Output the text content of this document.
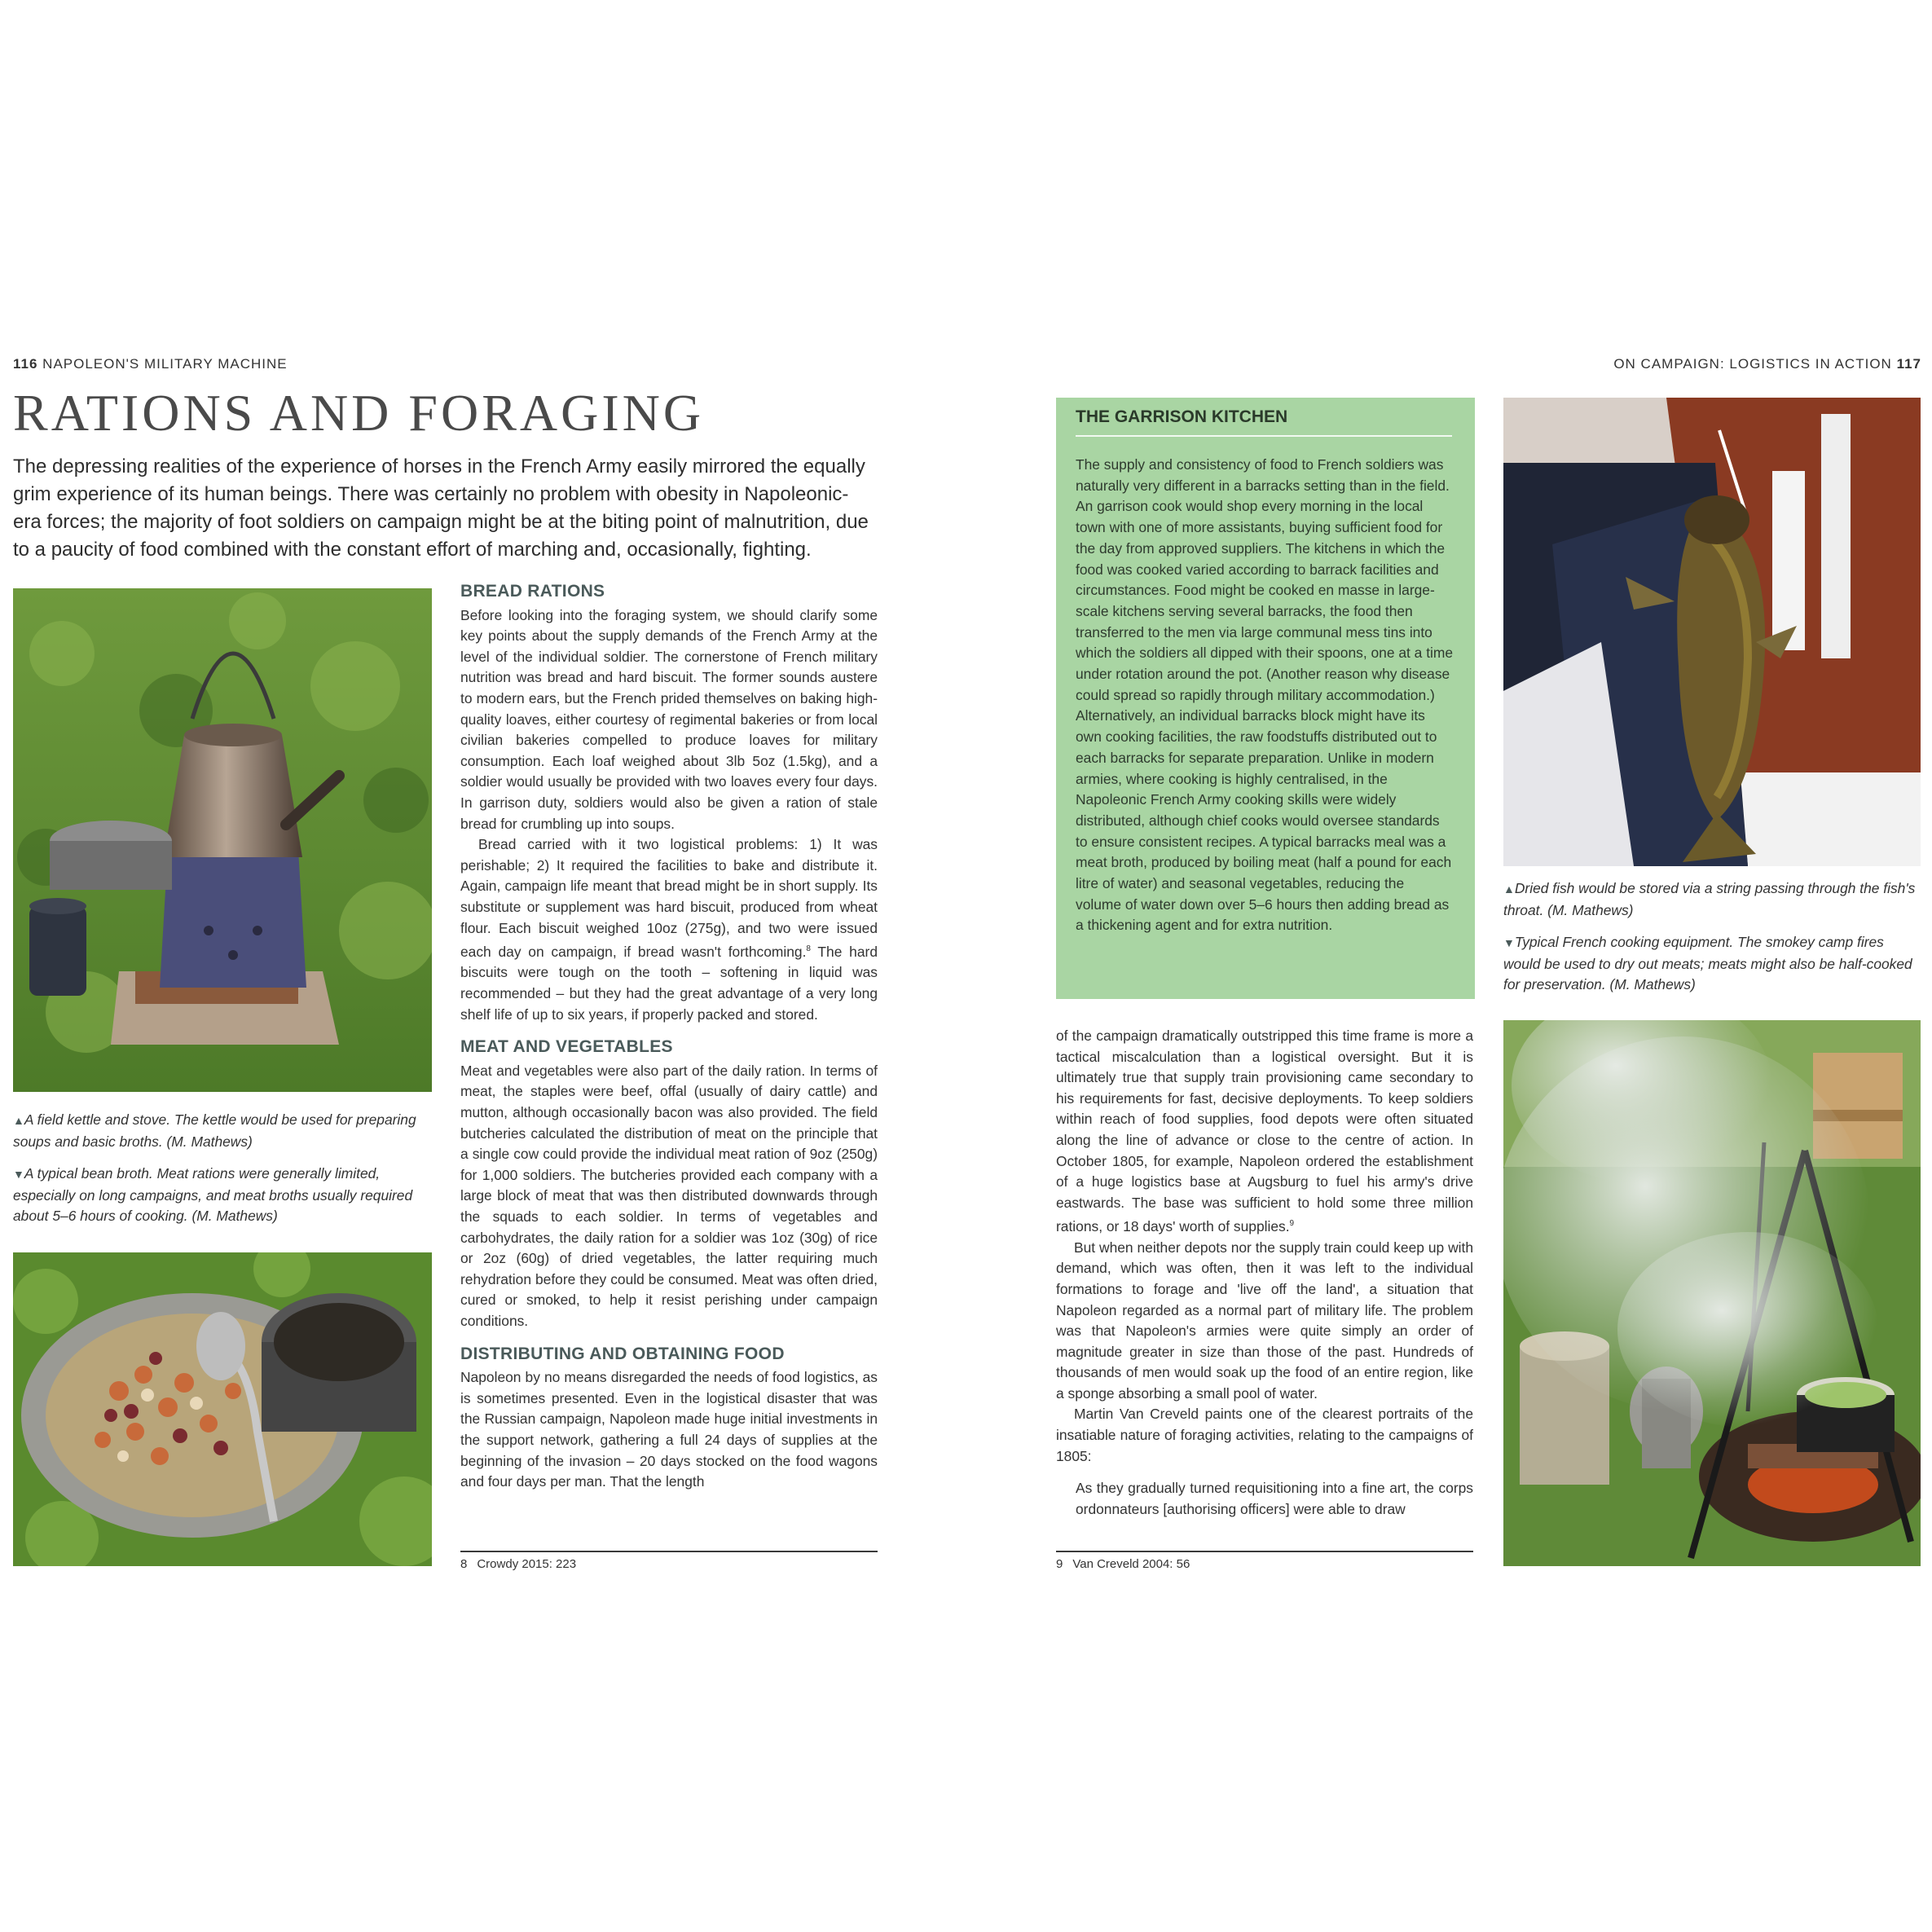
116 NAPOLEON'S MILITARY MACHINE
RATIONS AND FORAGING
The depressing realities of the experience of horses in the French Army easily mirrored the equally grim experience of its human beings. There was certainly no problem with obesity in Napoleonic-era forces; the majority of foot soldiers on campaign might be at the biting point of malnutrition, due to a paucity of food combined with the constant effort of marching and, occasionally, fighting.

▲A field kettle and stove. The kettle would be used for preparing soups and basic broths. (M. Mathews)

▼A typical bean broth. Meat rations were generally limited, especially on long campaigns, and meat broths usually required about 5–6 hours of cooking. (M. Mathews)

BREAD RATIONS

Before looking into the foraging system, we should clarify some key points about the supply demands of the French Army at the level of the individual soldier. The cornerstone of French military nutrition was bread and hard biscuit. The former sounds austere to modern ears, but the French prided themselves on baking high-quality loaves, either courtesy of regimental bakeries or from local civilian bakeries compelled to produce loaves for military consumption. Each loaf weighed about 3lb 5oz (1.5kg), and a soldier would usually be provided with two loaves every four days. In garrison duty, soldiers would also be given a ration of stale bread for crumbling up into soups.

Bread carried with it two logistical problems: 1) It was perishable; 2) It required the facilities to bake and distribute it. Again, campaign life meant that bread might be in short supply. Its substitute or supplement was hard biscuit, produced from wheat flour. Each biscuit weighed 10oz (275g), and two were issued each day on campaign, if bread wasn't forthcoming.$^8$ The hard biscuits were tough on the tooth – softening in liquid was recommended – but they had the great advantage of a very long shelf life of up to six years, if properly packed and stored.

MEAT AND VEGETABLES

Meat and vegetables were also part of the daily ration. In terms of meat, the staples were beef, offal (usually of dairy cattle) and mutton, although occasionally bacon was also provided. The field butcheries calculated the distribution of meat on the principle that a single cow could provide the individual meat ration of 9oz (250g) for 1,000 soldiers. The butcheries provided each company with a large block of meat that was then distributed downwards through the squads to each soldier. In terms of vegetables and carbohydrates, the daily ration for a soldier was 1oz (30g) of rice or 2oz (60g) of dried vegetables, the latter requiring much rehydration before they could be consumed. Meat was often dried, cured or smoked, to help it resist perishing under campaign conditions.

DISTRIBUTING AND OBTAINING FOOD

Napoleon by no means disregarded the needs of food logistics, as is sometimes presented. Even in the logistical disaster that was the Russian campaign, Napoleon made huge initial investments in the support network, gathering a full 24 days of supplies at the beginning of the invasion – 20 days stocked on the food wagons and four days per man. That the length

8 Crowdy 2015: 223
ON CAMPAIGN: LOGISTICS IN ACTION 117
THE GARRISON KITCHEN
The supply and consistency of food to French soldiers was naturally very different in a barracks setting than in the field. An garrison cook would shop every morning in the local town with one of more assistants, buying sufficient food for the day from approved suppliers. The kitchens in which the food was cooked varied according to barrack facilities and circumstances. Food might be cooked en masse in large-scale kitchens serving several barracks, the food then transferred to the men via large communal mess tins into which the soldiers all dipped with their spoons, one at a time under rotation around the pot. (Another reason why disease could spread so rapidly through military accommodation.) Alternatively, an individual barracks block might have its own cooking facilities, the raw foodstuffs distributed out to each barracks for separate preparation. Unlike in modern armies, where cooking is highly centralised, in the Napoleonic French Army cooking skills were widely distributed, although chief cooks would oversee standards to ensure consistent recipes. A typical barracks meal was a meat broth, produced by boiling meat (half a pound for each litre of water) and seasonal vegetables, reducing the volume of water down over 5–6 hours then adding bread as a thickening agent and for extra nutrition.

of the campaign dramatically outstripped this time frame is more a tactical miscalculation than a logistical oversight. But it is ultimately true that supply train provisioning came secondary to his requirements for fast, decisive deployments. To keep soldiers within reach of food supplies, food depots were often situated along the line of advance or close to the centre of action. In October 1805, for example, Napoleon ordered the establishment of a huge logistics base at Augsburg to fuel his army's drive eastwards. The base was sufficient to hold some three million rations, or 18 days' worth of supplies.$^9$

But when neither depots nor the supply train could keep up with demand, which was often, then it was left to the individual formations to forage and 'live off the land', a situation that Napoleon regarded as a normal part of military life. The problem was that Napoleon's armies were quite simply an order of magnitude greater in size than those of the past. Hundreds of thousands of men would soak up the food of an entire region, like a sponge absorbing a small pool of water.

Martin Van Creveld paints one of the clearest portraits of the insatiable nature of foraging activities, relating to the campaigns of 1805:

As they gradually turned requisitioning into a fine art, the corps ordonnateurs [authorising officers] were able to draw

9 Van Creveld 2004: 56

▲Dried fish would be stored via a string passing through the fish's throat. (M. Mathews)

▼Typical French cooking equipment. The smokey camp fires would be used to dry out meats; meats might also be half-cooked for preservation. (M. Mathews)
